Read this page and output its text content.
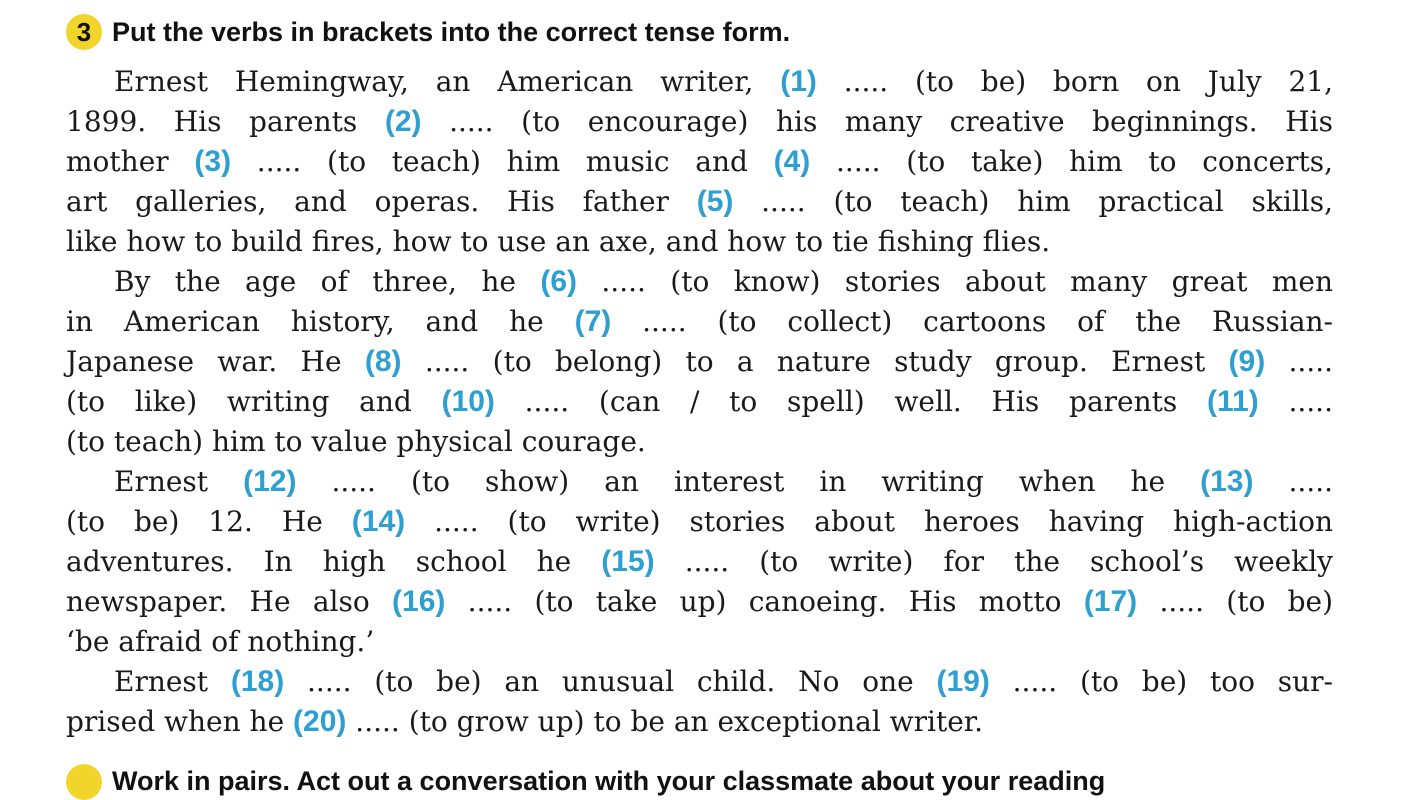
3 Put the verbs in brackets into the correct tense form.
Ernest Hemingway, an American writer, (1) ..... (to be) born on July 21,
1899. His parents (2) ..... (to encourage) his many creative beginnings. His
mother (3) ..... (to teach) him music and (4) ..... (to take) him to concerts,
art galleries, and operas. His father (5) ..... (to teach) him practical skills,
like how to build fires, how to use an axe, and how to tie fishing flies.
By the age of three, he (6) ..... (to know) stories about many great men
in American history, and he (7) ..... (to collect) cartoons of the Russian-
Japanese war. He (8) ..... (to belong) to a nature study group. Ernest (9) .....
(to like) writing and (10) ..... (can / to spell) well. His parents (11) .....
(to teach) him to value physical courage.
Ernest (12) ..... (to show) an interest in writing when he (13) .....
(to be) 12. He (14) ..... (to write) stories about heroes having high-action
adventures. In high school he (15) ..... (to write) for the school’s weekly
newspaper. He also (16) ..... (to take up) canoeing. His motto (17) ..... (to be)
‘be afraid of nothing.’
Ernest (18) ..... (to be) an unusual child. No one (19) ..... (to be) too sur-
prised when he (20) ..... (to grow up) to be an exceptional writer.
Work in pairs. Act out a conversation with your classmate about your reading
